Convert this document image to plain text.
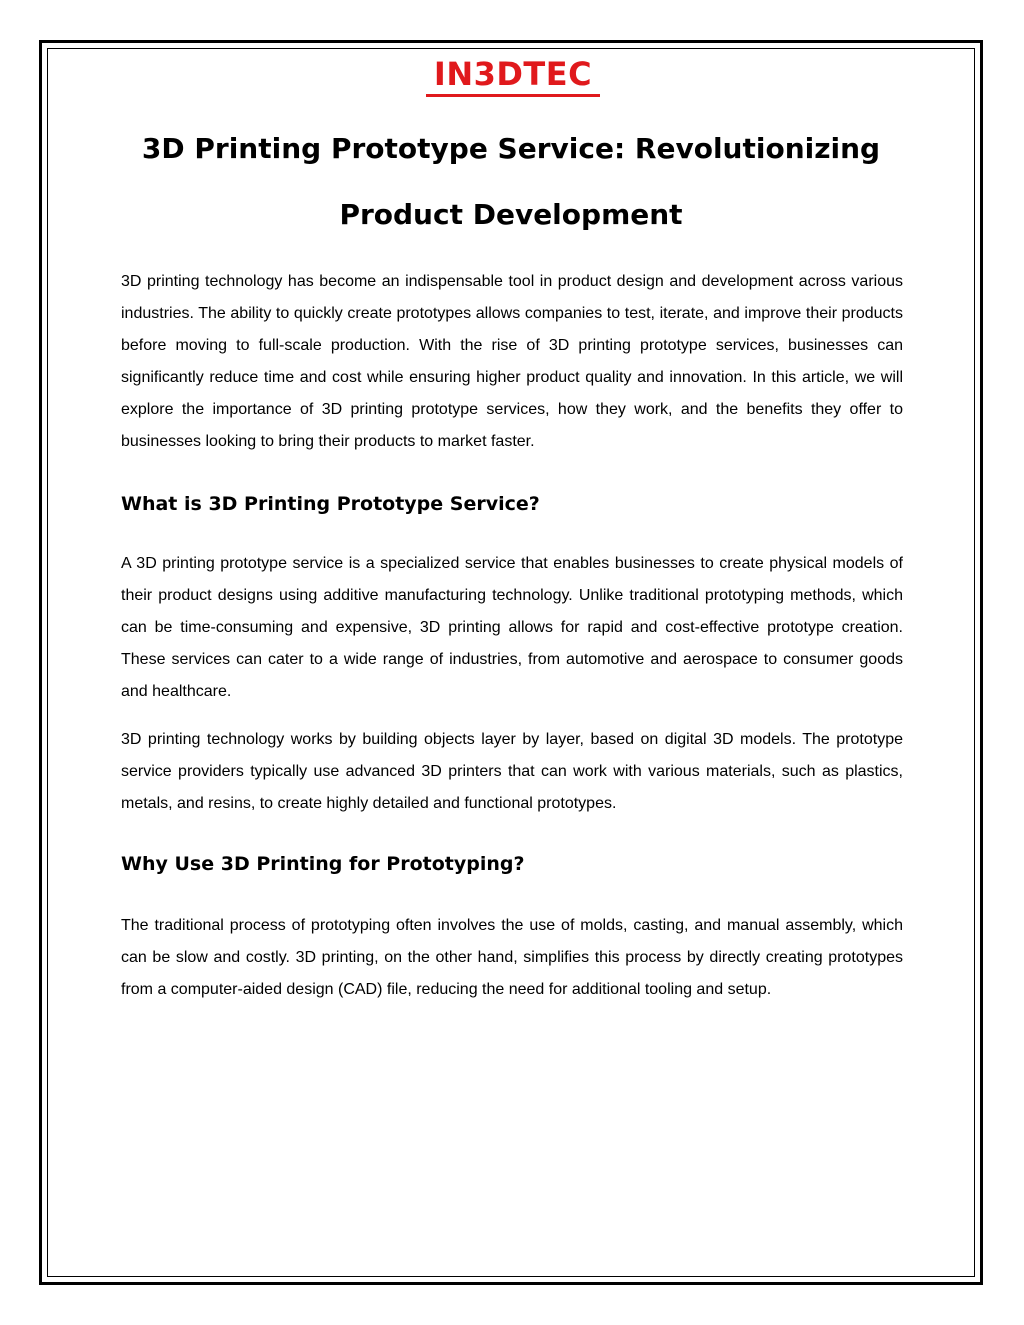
IN3DTEC
3D Printing Prototype Service: Revolutionizing Product Development

3D printing technology has become an indispensable tool in product design and development across various industries. The ability to quickly create prototypes allows companies to test, iterate, and improve their products before moving to full-scale production. With the rise of 3D printing prototype services, businesses can significantly reduce time and cost while ensuring higher product quality and innovation. In this article, we will explore the importance of 3D printing prototype services, how they work, and the benefits they offer to businesses looking to bring their products to market faster.

What is 3D Printing Prototype Service?

A 3D printing prototype service is a specialized service that enables businesses to create physical models of their product designs using additive manufacturing technology. Unlike traditional prototyping methods, which can be time-consuming and expensive, 3D printing allows for rapid and cost-effective prototype creation. These services can cater to a wide range of industries, from automotive and aerospace to consumer goods and healthcare.

3D printing technology works by building objects layer by layer, based on digital 3D models. The prototype service providers typically use advanced 3D printers that can work with various materials, such as plastics, metals, and resins, to create highly detailed and functional prototypes.

Why Use 3D Printing for Prototyping?

The traditional process of prototyping often involves the use of molds, casting, and manual assembly, which can be slow and costly. 3D printing, on the other hand, simplifies this process by directly creating prototypes from a computer-aided design (CAD) file, reducing the need for additional tooling and setup.
